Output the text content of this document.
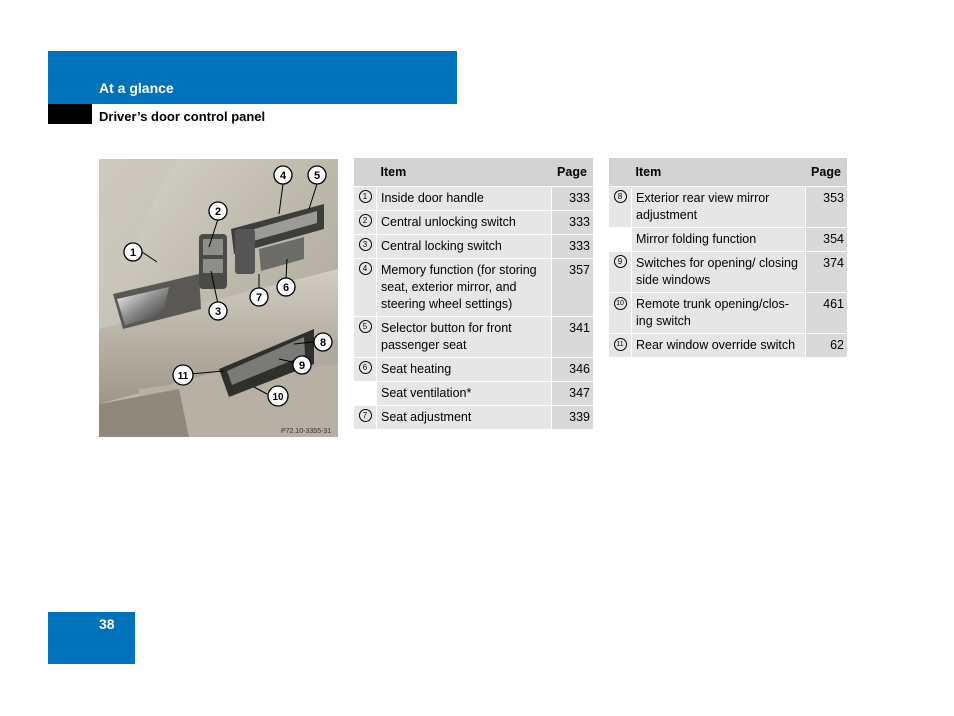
At a glance
Driver’s door control panel
P72.10-3355-31
1
2
3
4	5
6
7
8
9
10
11
	Item	Page
1	Inside door handle	333
2	Central unlocking switch	333
3	Central locking switch	333
4	Memory function (for storing seat, exterior mirror, and steering wheel settings)	357
5	Selector button for front passenger seat	341
6	Seat heating	346
	Seat ventilation*	347
7	Seat adjustment	339
	Item	Page
8	Exterior rear view mirror adjustment	353
	Mirror folding function	354
9	Switches for opening/ closing side windows	374
10	Remote trunk opening/clos-ing switch	461
11	Rear window override switch	62
38
